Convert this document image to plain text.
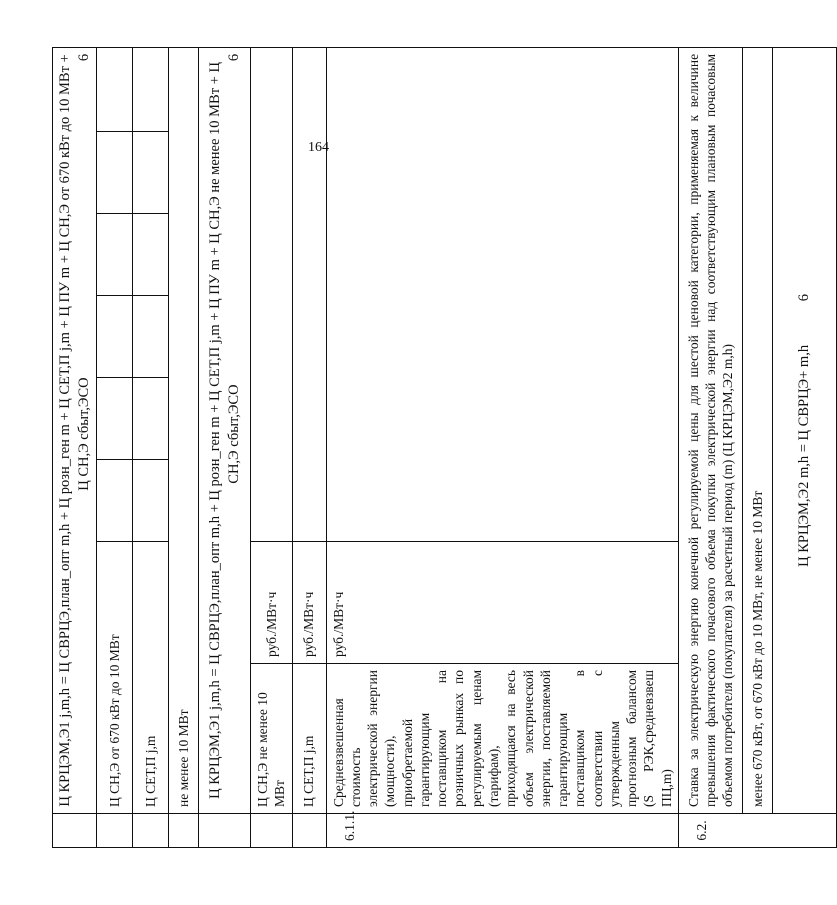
164
	Ц КРЦЭМ,Э1 j,m,h = Ц СВРЦЭ,план_опт m,h + Ц розн_ген m + Ц СЕТ,П j,m + Ц ПУ m + Ц СН,Э от 670 кВт до 10 МВт + Ц СН,Э сбыт,ЭСО
6							

	Ц СН,Э от 670 кВт до 10 МВт							
	Ц СЕТ,П j,m							
	не менее 10 МВт							
	Ц КРЦЭМ,Э1 j,m,h = Ц СВРЦЭ,план_опт m,h + Ц розн_ген m + Ц СЕТ,П j,m + Ц ПУ m + Ц СН,Э не менее 10 МВт + Ц СН,Э сбыт,ЭСО
6							

	Ц СН,Э не менее 10 МВт	руб./МВт·ч						
	Ц СЕТ,П j,m	руб./МВт·ч						
6.1.1.	Средневзвешенная стоимость электрической энергии (мощности), приобретаемой гарантирующим поставщиком на розничных рынках по регулируемым ценам (тарифам), приходящаяся на весь объем электрической энергии, поставляемой гарантирующим поставщиком в соответствии с утвержденным прогнозным балансом (S РЭК,средневзвеш ПЦ,m)	руб./МВт·ч						
6.2.	Ставка за электрическую энергию конечной регулируемой цены для шестой ценовой категории, применяемая к величине превышения фактического почасового объема покупки электрической энергии над соответствующим плановым почасовым объемом потребителя (покупателя) за расчетный период (m) (Ц КРЦЭМ,Э2 m,h)							
	менее 670 кВт, от 670 кВт до 10 МВт, не менее 10 МВт							
	Ц КРЦЭМ,Э2 m,h = Ц СВРЦЭ+ m,h 6							
